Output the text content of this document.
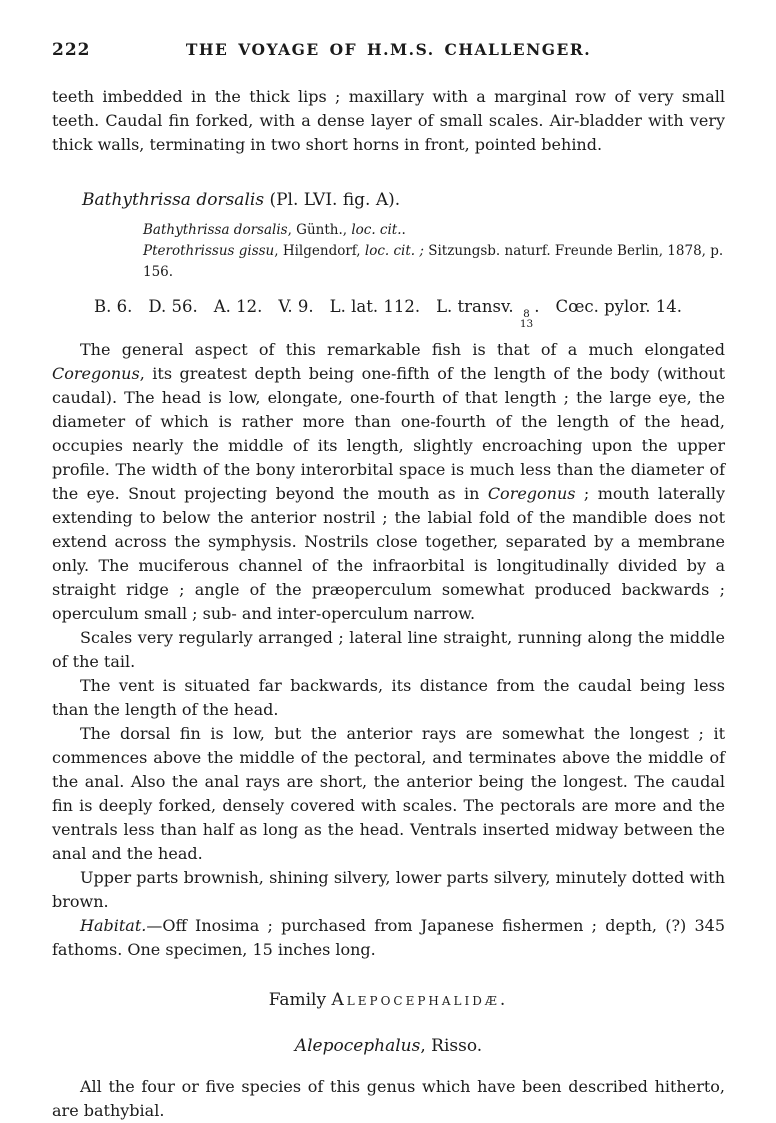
222	THE VOYAGE OF H.M.S. CHALLENGER.

teeth imbedded in the thick lips ; maxillary with a marginal row of very small teeth. Caudal fin forked, with a dense layer of small scales. Air-bladder with very thick walls, terminating in two short horns in front, pointed behind.

Bathythrissa dorsalis (Pl. LVI. fig. A).

Bathythrissa dorsalis, Günth., loc. cit..

Pterothrissus gissu, Hilgendorf, loc. cit. ; Sitzungsb. naturf. Freunde Berlin, 1878, p. 156.

B. 6. D. 56. A. 12. V. 9. L. lat. 112. L. transv. 8
13
. Cœc. pylor. 14.

The general aspect of this remarkable fish is that of a much elongated Coregonus, its greatest depth being one-fifth of the length of the body (without caudal). The head is low, elongate, one-fourth of that length ; the large eye, the diameter of which is rather more than one-fourth of the length of the head, occupies nearly the middle of its length, slightly encroaching upon the upper profile. The width of the bony interorbital space is much less than the diameter of the eye. Snout projecting beyond the mouth as in Coregonus ; mouth laterally extending to below the anterior nostril ; the labial fold of the mandible does not extend across the symphysis. Nostrils close together, separated by a membrane only. The muciferous channel of the infraorbital is longitudinally divided by a straight ridge ; angle of the præoperculum somewhat produced backwards ; operculum small ; sub- and inter-operculum narrow.

Scales very regularly arranged ; lateral line straight, running along the middle of the tail.

The vent is situated far backwards, its distance from the caudal being less than the length of the head.

The dorsal fin is low, but the anterior rays are somewhat the longest ; it commences above the middle of the pectoral, and terminates above the middle of the anal. Also the anal rays are short, the anterior being the longest. The caudal fin is deeply forked, densely covered with scales. The pectorals are more and the ventrals less than half as long as the head. Ventrals inserted midway between the anal and the head.

Upper parts brownish, shining silvery, lower parts silvery, minutely dotted with brown.

Habitat.—Off Inosima ; purchased from Japanese fishermen ; depth, (?) 345 fathoms. One specimen, 15 inches long.

Family Alepocephalidæ.
Alepocephalus, Risso.

All the four or five species of this genus which have been described hitherto, are bathybial.
